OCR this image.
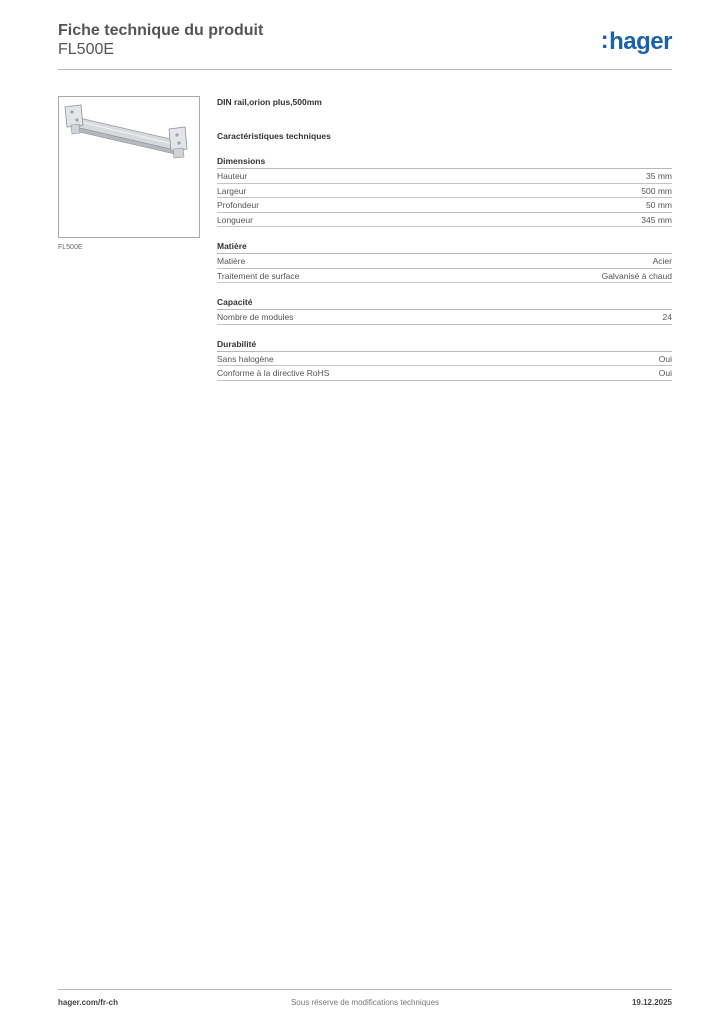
Fiche technique du produit
FL500E	:hager
FL500E
DIN rail,orion plus,500mm
Caractéristiques techniques
Dimensions
Hauteur	35 mm
Largeur	500 mm
Profondeur	50 mm
Longueur	345 mm
Matière
Matière	Acier
Traitement de surface	Galvanisé à chaud
Capacité
Nombre de modules	24
Durabilité
Sans halogène	Oui
Conforme à la directive RoHS	Oui
hager.com/fr-ch	Sous réserve de modifications techniques	19.12.2025
